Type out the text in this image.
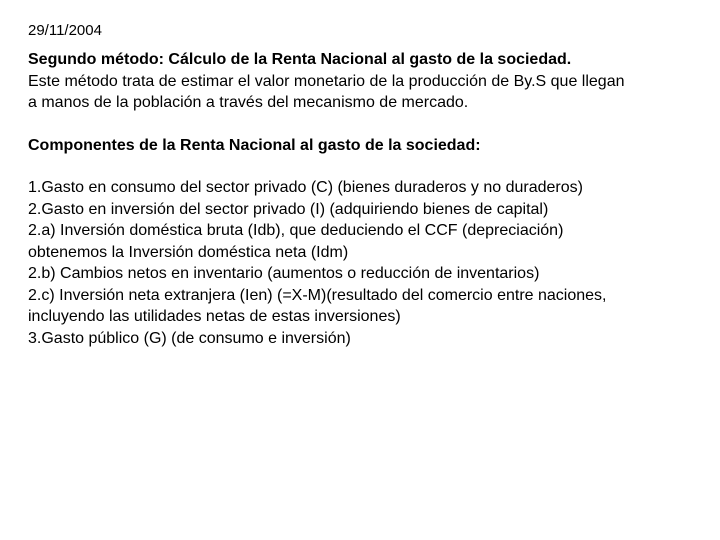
29/11/2004
Segundo método: Cálculo de la Renta Nacional al gasto de la sociedad.
Este método trata de estimar el valor monetario de la producción de By.S que llegan
a manos de la población a través del mecanismo de mercado.
Componentes de la Renta Nacional al gasto de la sociedad:
1.Gasto en consumo del sector privado (C) (bienes duraderos y no duraderos)
2.Gasto en inversión del sector privado (I) (adquiriendo bienes de capital)
2.a) Inversión doméstica bruta (Idb), que deduciendo el CCF (depreciación)
obtenemos la Inversión doméstica neta (Idm)
2.b) Cambios netos en inventario (aumentos o reducción de inventarios)
2.c) Inversión neta extranjera (Ien) (=X-M)(resultado del comercio entre naciones,
incluyendo las utilidades netas de estas inversiones)
3.Gasto público (G) (de consumo e inversión)
